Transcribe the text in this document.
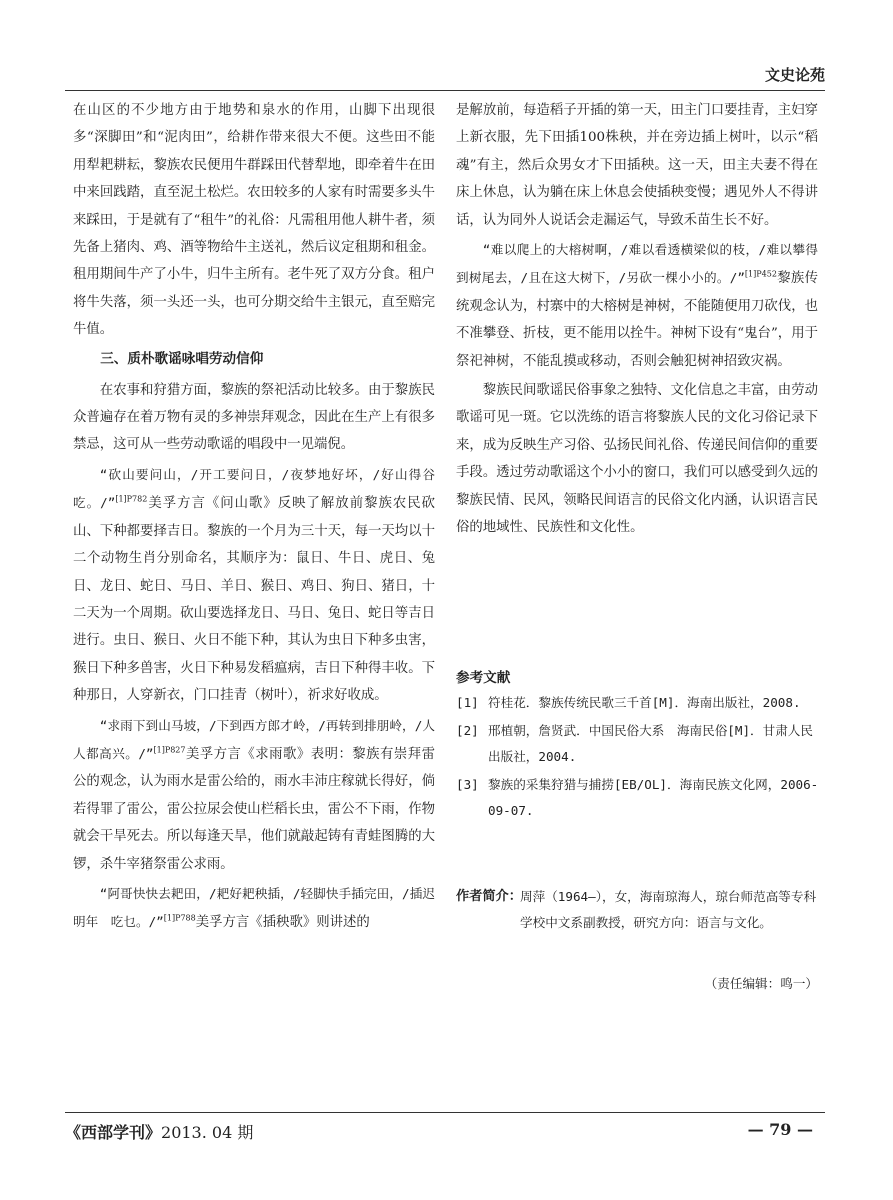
文史论苑

在山区的不少地方由于地势和泉水的作用，山脚下出现很多“深脚田”和“泥肉田”，给耕作带来很大不便。这些田不能用犁耙耕耘，黎族农民便用牛群踩田代替犁地，即牵着牛在田中来回践踏，直至泥土松烂。农田较多的人家有时需要多头牛来踩田，于是就有了“租牛”的礼俗：凡需租用他人耕牛者，须先备上猪肉、鸡、酒等物给牛主送礼，然后议定租期和租金。租用期间牛产了小牛，归牛主所有。老牛死了双方分食。租户将牛失落，须一头还一头，也可分期交给牛主银元，直至赔完牛值。

三、质朴歌谣咏唱劳动信仰

在农事和狩猎方面，黎族的祭祀活动比较多。由于黎族民众普遍存在着万物有灵的多神崇拜观念，因此在生产上有很多禁忌，这可从一些劳动歌谣的唱段中一见端倪。

“砍山要问山，/开工要问日，/夜梦地好坏，/好山得谷吃。/”$^{[1]P782}$美孚方言《问山歌》反映了解放前黎族农民砍山、下种都要择吉日。黎族的一个月为三十天，每一天均以十二个动物生肖分别命名，其顺序为：鼠日、牛日、虎日、兔日、龙日、蛇日、马日、羊日、猴日、鸡日、狗日、猪日，十二天为一个周期。砍山要选择龙日、马日、兔日、蛇日等吉日进行。虫日、猴日、火日不能下种，其认为虫日下种多虫害，猴日下种多兽害，火日下种易发稻瘟病，吉日下种得丰收。下种那日，人穿新衣，门口挂青（树叶），祈求好收成。

“求雨下到山马坡，/下到西方郎才岭，/再转到排朋岭，/人人都高兴。/”$^{[1]P827}$美孚方言《求雨歌》表明：黎族有崇拜雷公的观念，认为雨水是雷公给的，雨水丰沛庄稼就长得好，倘若得罪了雷公，雷公拉尿会使山栏稻长虫，雷公不下雨，作物就会干旱死去。所以每逢天旱，他们就敲起铸有青蛙图腾的大锣，杀牛宰猪祭雷公求雨。

“阿哥快快去耙田，/耙好耙秧插，/轻脚快手插完田，/插迟明年　吃乜。/”$^{[1]P788}$美孚方言《插秧歌》则讲述的

是解放前，每造稻子开插的第一天，田主门口要挂青，主妇穿上新衣服，先下田插100株秧，并在旁边插上树叶，以示“稻魂”有主，然后众男女才下田插秧。这一天，田主夫妻不得在床上休息，认为躺在床上休息会使插秧变慢；遇见外人不得讲话，认为同外人说话会走漏运气，导致禾苗生长不好。

“难以爬上的大榕树啊，/难以看透横梁似的枝，/难以攀得到树尾去，/且在这大树下，/另砍一棵小小的。/”$^{[1]P452}$黎族传统观念认为，村寨中的大榕树是神树，不能随便用刀砍伐，也不准攀登、折枝，更不能用以拴牛。神树下设有“鬼台”，用于祭祀神树，不能乱摸或移动，否则会触犯树神招致灾祸。

黎族民间歌谣民俗事象之独特、文化信息之丰富，由劳动歌谣可见一斑。它以洗练的语言将黎族人民的文化习俗记录下来，成为反映生产习俗、弘扬民间礼俗、传递民间信仰的重要手段。透过劳动歌谣这个小小的窗口，我们可以感受到久远的黎族民情、民风，领略民间语言的民俗文化内涵，认识语言民俗的地域性、民族性和文化性。

参考文献
[1] 符桂花．黎族传统民歌三千首[M]．海南出版社，2008.
[2] 邢植朝，詹贤武．中国民俗大系　海南民俗[M]．甘肃人民出版社，2004.
[3] 黎族的采集狩猎与捕捞[EB/OL]．海南民族文化网，2006-09-07.
作者简介：
周萍（1964—），女，海南琼海人，琼台师范高等专科学校中文系副教授，研究方向：语言与文化。
（责任编辑：鸣一）
《西部学刊》2013. 04 期	— 79 —
